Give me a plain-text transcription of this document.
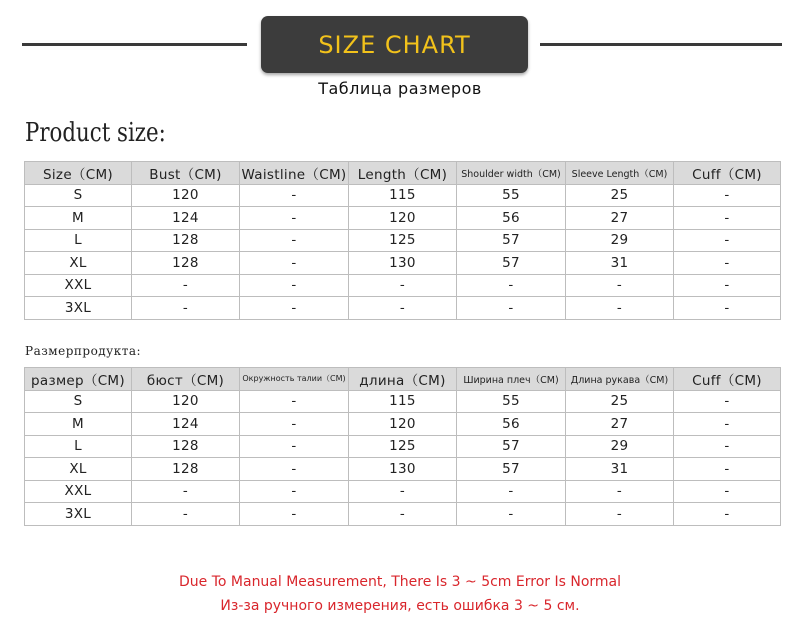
SIZE CHART
Таблица размеров
Product size:
Size（CM)	Bust（CM)	Waistline（CM)	Length（CM)	Shoulder width（CM)	Sleeve Length（CM)	Cuff（CM)
S	120	-	115	55	25	-
M	124	-	120	56	27	-
L	128	-	125	57	29	-
XL	128	-	130	57	31	-
XXL	-	-	-	-	-	-
3XL	-	-	-	-	-	-
Размерпродукта:
размер（CM)	бюст（CM)	Окружность талии（CM)	длина（CM)	Ширина плеч（CM)	Длина рукава（CM)	Cuff（CM)
S	120	-	115	55	25	-
M	124	-	120	56	27	-
L	128	-	125	57	29	-
XL	128	-	130	57	31	-
XXL	-	-	-	-	-	-
3XL	-	-	-	-	-	-
Due To Manual Measurement, There Is 3 ~ 5cm Error Is Normal
Из-за ручного измерения, есть ошибка 3 ~ 5 см.
